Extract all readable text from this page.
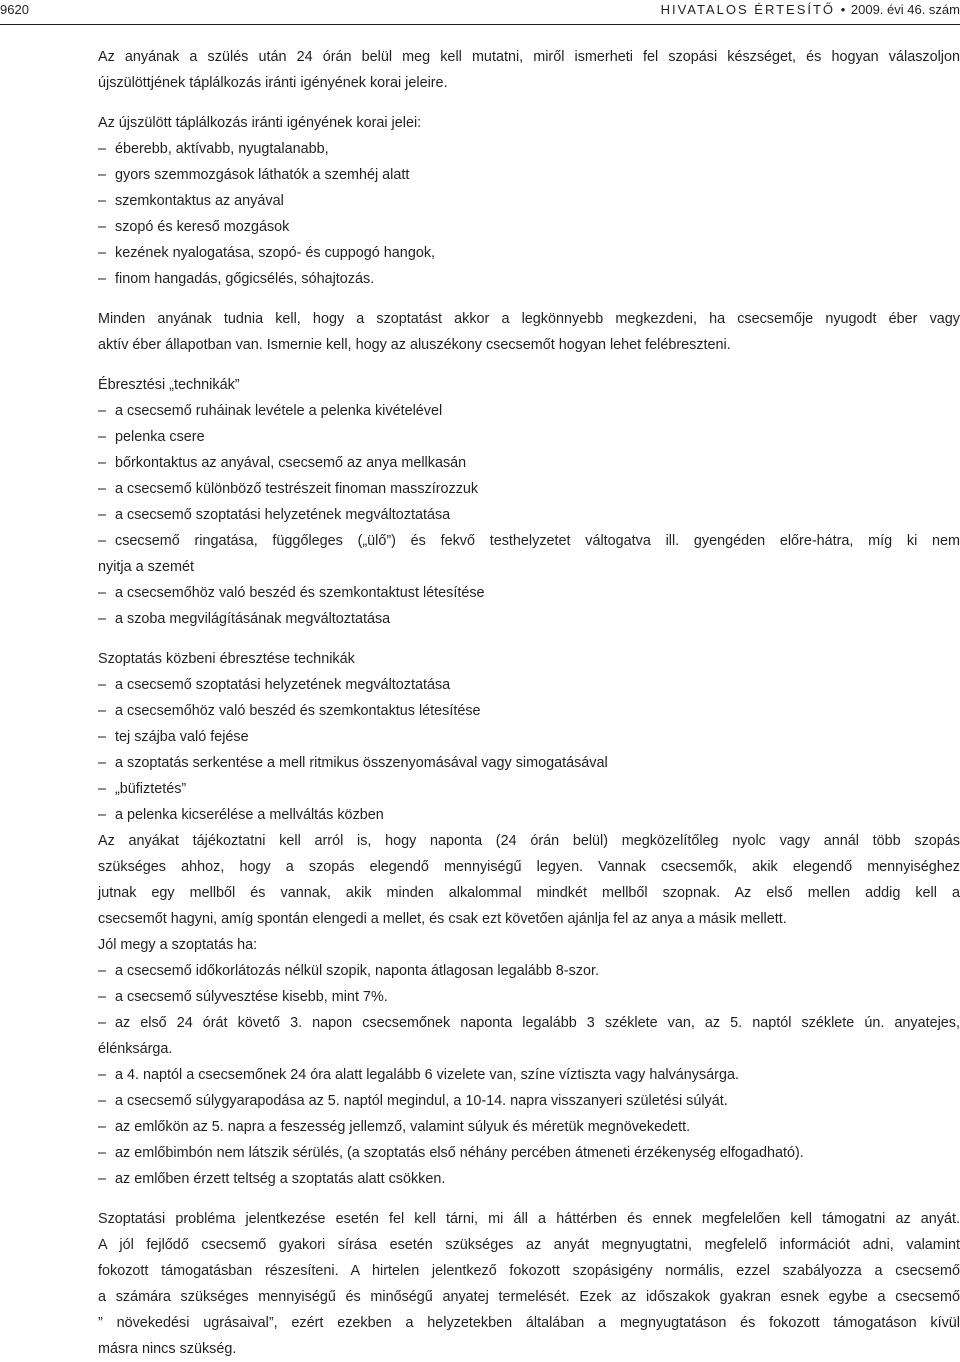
9620	HIVATALOS ÉRTESÍTŐ • 2009. évi 46. szám
Az anyának a szülés után 24 órán belül meg kell mutatni, miről ismerheti fel szopási készséget, és hogyan válaszoljon
újszülöttjének táplálkozás iránti igényének korai jeleire.
Az újszülött táplálkozás iránti igényének korai jelei:
– éberebb, aktívabb, nyugtalanabb,
– gyors szemmozgások láthatók a szemhéj alatt
– szemkontaktus az anyával
– szopó és kereső mozgások
– kezének nyalogatása, szopó- és cuppogó hangok,
– finom hangadás, gőgicsélés, sóhajtozás.
Minden anyának tudnia kell, hogy a szoptatást akkor a legkönnyebb megkezdeni, ha csecsemője nyugodt éber vagy
aktív éber állapotban van. Ismernie kell, hogy az aluszékony csecsemőt hogyan lehet felébreszteni.
Ébresztési „technikák”
– a csecsemő ruháinak levétele a pelenka kivételével
– pelenka csere
– bőrkontaktus az anyával, csecsemő az anya mellkasán
– a csecsemő különböző testrészeit finoman masszírozzuk
– a csecsemő szoptatási helyzetének megváltoztatása
– csecsemő ringatása, függőleges („ülő”) és fekvő testhelyzetet váltogatva ill. gyengéden előre-hátra, míg ki nem
nyitja a szemét
– a csecsemőhöz való beszéd és szemkontaktust létesítése
– a szoba megvilágításának megváltoztatása
Szoptatás közbeni ébresztése technikák
– a csecsemő szoptatási helyzetének megváltoztatása
– a csecsemőhöz való beszéd és szemkontaktus létesítése
– tej szájba való fejése
– a szoptatás serkentése a mell ritmikus összenyomásával vagy simogatásával
– „büfiztetés”
– a pelenka kicserélése a mellváltás közben
Az anyákat tájékoztatni kell arról is, hogy naponta (24 órán belül) megközelítőleg nyolc vagy annál több szopás
szükséges ahhoz, hogy a szopás elegendő mennyiségű legyen. Vannak csecsemők, akik elegendő mennyiséghez
jutnak egy mellből és vannak, akik minden alkalommal mindkét mellből szopnak. Az első mellen addig kell a
csecsemőt hagyni, amíg spontán elengedi a mellet, és csak ezt követően ajánlja fel az anya a másik mellett.
Jól megy a szoptatás ha:
– a csecsemő időkorlátozás nélkül szopik, naponta átlagosan legalább 8-szor.
– a csecsemő súlyvesztése kisebb, mint 7%.
– az első 24 órát követő 3. napon csecsemőnek naponta legalább 3 széklete van, az 5. naptól széklete ún. anyatejes,
élénksárga.
– a 4. naptól a csecsemőnek 24 óra alatt legalább 6 vizelete van, színe víztiszta vagy halványsárga.
– a csecsemő súlygyarapodása az 5. naptól megindul, a 10-14. napra visszanyeri születési súlyát.
– az emlőkön az 5. napra a feszesség jellemző, valamint súlyuk és méretük megnövekedett.
– az emlőbimbón nem látszik sérülés, (a szoptatás első néhány percében átmeneti érzékenység elfogadható).
– az emlőben érzett teltség a szoptatás alatt csökken.
Szoptatási probléma jelentkezése esetén fel kell tárni, mi áll a háttérben és ennek megfelelően kell támogatni az anyát.
A jól fejlődő csecsemő gyakori sírása esetén szükséges az anyát megnyugtatni, megfelelő információt adni, valamint
fokozott támogatásban részesíteni. A hirtelen jelentkező fokozott szopásigény normális, ezzel szabályozza a csecsemő
a számára szükséges mennyiségű és minőségű anyatej termelését. Ezek az időszakok gyakran esnek egybe a csecsemő
” növekedési ugrásaival”, ezért ezekben a helyzetekben általában a megnyugtatáson és fokozott támogatáson kívül
másra nincs szükség.
